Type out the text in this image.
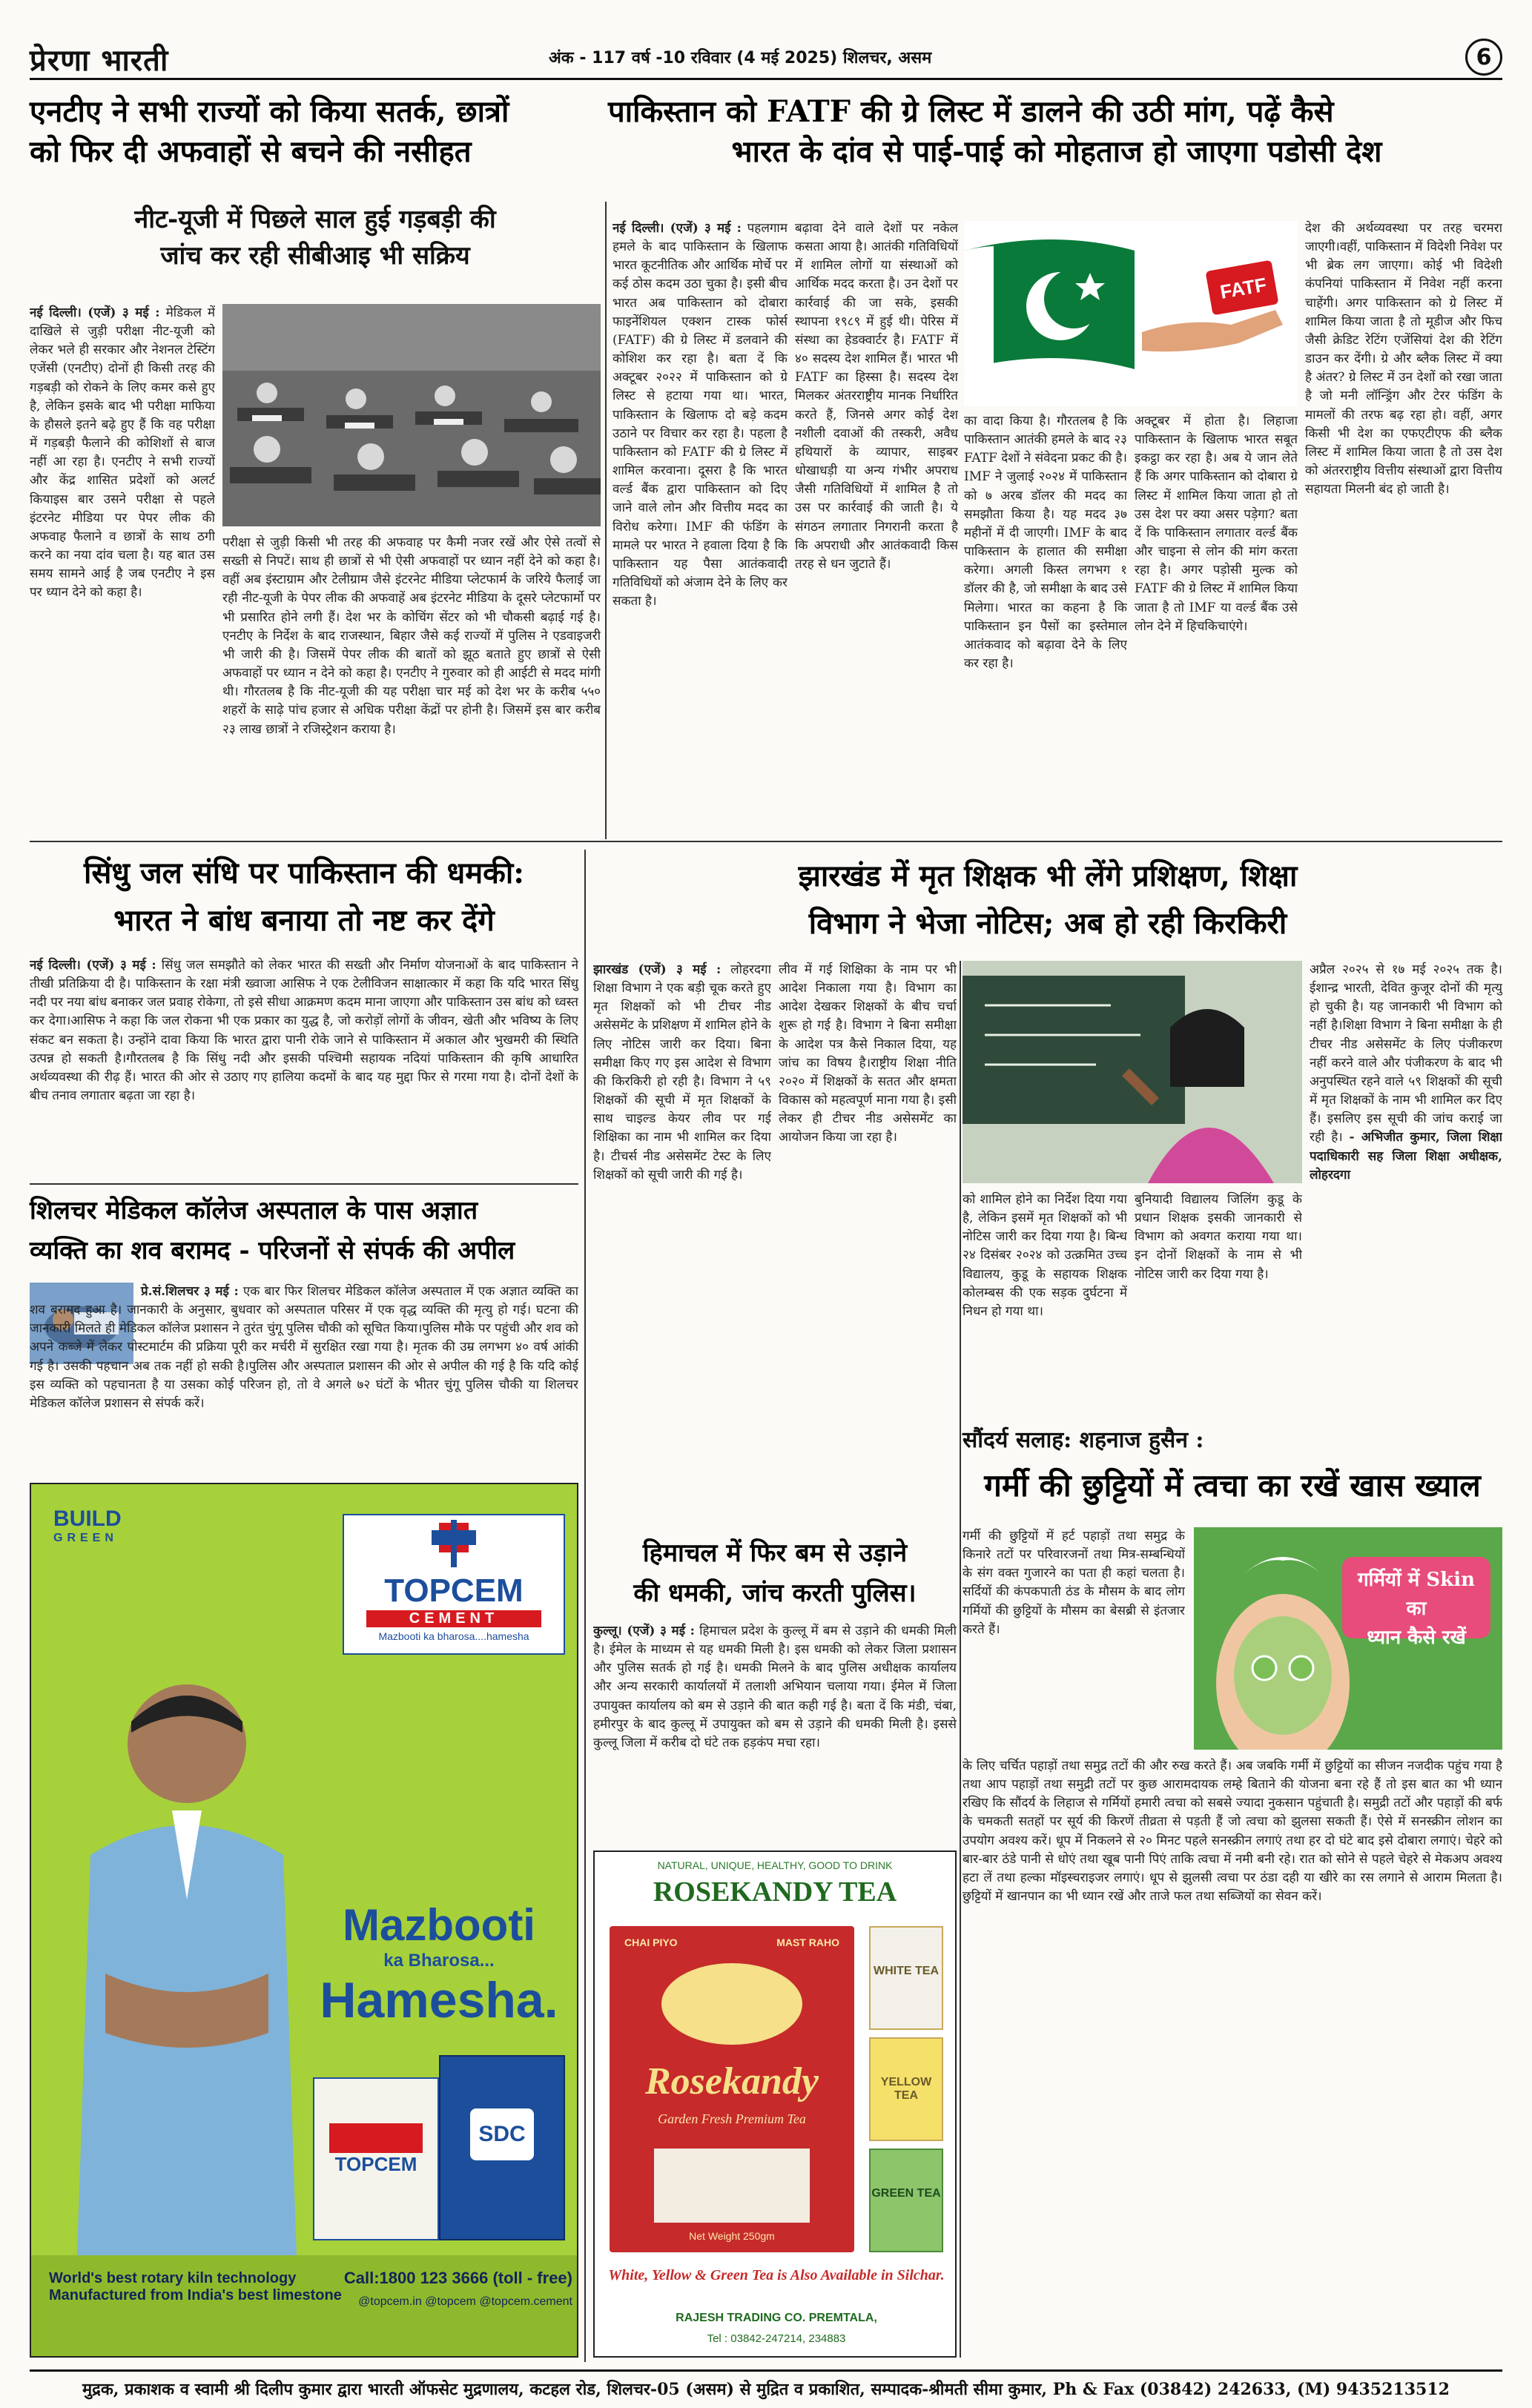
प्रेरणा भारती	अंक - 117 वर्ष -10 रविवार (4 मई 2025) शिलचर, असम	6
एनटीए ने सभी राज्यों को किया सतर्क, छात्रों
को फिर दी अफवाहों से बचने की नसीहत
पाकिस्तान को FATF की ग्रे लिस्ट में डालने की उठी मांग, पढ़ें कैसे
भारत के दांव से पाई-पाई को मोहताज हो जाएगा पडोसी देश
नीट-यूजी में पिछले साल हुई गड़बड़ी की
जांच कर रही सीबीआइ भी सक्रिय
नई दिल्ली। (एजें) ३ मई : मेडिकल में दाखिले से जुड़ी परीक्षा नीट-यूजी को लेकर भले ही सरकार और नेशनल टेस्टिंग एजेंसी (एनटीए) दोनों ही किसी तरह की गड़बड़ी को रोकने के लिए कमर कसे हुए है, लेकिन इसके बाद भी परीक्षा माफिया के हौसले इतने बढ़े हुए हैं कि वह परीक्षा में गड़बड़ी फैलाने की कोशिशों से बाज नहीं आ रहा है। एनटीए ने सभी राज्यों और केंद्र शासित प्रदेशों को अलर्ट कियाइस बार उसने परीक्षा से पहले इंटरनेट मीडिया पर पेपर लीक की अफवाह फैलाने व छात्रों के साथ ठगी करने का नया दांव चला है। यह बात उस समय सामने आई है जब एनटीए ने इस पर ध्यान देने को कहा है।
परीक्षा से जुड़ी किसी भी तरह की अफवाह पर कैमी नजर रखें और ऐसे तत्वों से सख्ती से निपटें। साथ ही छात्रों से भी ऐसी अफवाहों पर ध्यान नहीं देने को कहा है।वहीं अब इंस्टाग्राम और टेलीग्राम जैसे इंटरनेट मीडिया प्लेटफार्म के जरिये फैलाई जा रही नीट-यूजी के पेपर लीक की अफवाहें अब इंटरनेट मीडिया के दूसरे प्लेटफार्मो पर भी प्रसारित होने लगी हैं। देश भर के कोचिंग सेंटर को भी चौकसी बढ़ाई गई है। एनटीए के निर्देश के बाद राजस्थान, बिहार जैसे कई राज्यों में पुलिस ने एडवाइजरी भी जारी की है। जिसमें पेपर लीक की बातों को झूठ बताते हुए छात्रों से ऐसी अफवाहों पर ध्यान न देने को कहा है। एनटीए ने गुरुवार को ही आईटी से मदद मांगी थी। गौरतलब है कि नीट-यूजी की यह परीक्षा चार मई को देश भर के करीब ५५० शहरों के साढ़े पांच हजार से अधिक परीक्षा केंद्रों पर होनी है। जिसमें इस बार करीब २३ लाख छात्रों ने रजिस्ट्रेशन कराया है।
नई दिल्ली। (एजें) ३ मई : पहलगाम हमले के बाद पाकिस्तान के खिलाफ भारत कूटनीतिक और आर्थिक मोर्चे पर कई ठोस कदम उठा चुका है। इसी बीच भारत अब पाकिस्तान को दोबारा फाइनेंशियल एक्शन टास्क फोर्स (FATF) की ग्रे लिस्ट में डलवाने की कोशिश कर रहा है। बता दें कि अक्टूबर २०२२ में पाकिस्तान को ग्रे लिस्ट से हटाया गया था। भारत, पाकिस्तान के खिलाफ दो बड़े कदम उठाने पर विचार कर रहा है। पहला है पाकिस्तान को FATF की ग्रे लिस्ट में शामिल करवाना। दूसरा है कि भारत वर्ल्ड बैंक द्वारा पाकिस्तान को दिए जाने वाले लोन और वित्तीय मदद का विरोध करेगा। IMF की फंडिंग के मामले पर भारत ने हवाला दिया है कि पाकिस्तान यह पैसा आतंकवादी गतिविधियों को अंजाम देने के लिए कर सकता है।
बढ़ावा देने वाले देशों पर नकेल कसता आया है। आतंकी गतिविधियों में शामिल लोगों या संस्थाओं को आर्थिक मदद करता है। उन देशों पर कार्रवाई की जा सके, इसकी स्थापना १९८९ में हुई थी। पेरिस में संस्था का हेडक्वार्टर है। FATF में ४० सदस्य देश शामिल हैं। भारत भी FATF का हिस्सा है। सदस्य देश मिलकर अंतरराष्ट्रीय मानक निर्धारित करते हैं, जिनसे अगर कोई देश नशीली दवाओं की तस्करी, अवैध हथियारों के व्यापार, साइबर धोखाधड़ी या अन्य गंभीर अपराध जैसी गतिविधियों में शामिल है तो उस पर कार्रवाई की जाती है। ये संगठन लगातार निगरानी करता है कि अपराधी और आतंकवादी किस तरह से धन जुटाते हैं।
FATF
का वादा किया है। गौरतलब है कि पाकिस्तान आतंकी हमले के बाद २३ FATF देशों ने संवेदना प्रकट की है। IMF ने जुलाई २०२४ में पाकिस्तान को ७ अरब डॉलर की मदद का समझौता किया है। यह मदद ३७ महीनों में दी जाएगी। IMF के बाद पाकिस्तान के हालात की समीक्षा करेगा। अगली किस्त लगभग १ डॉलर की है, जो समीक्षा के बाद उसे मिलेगा। भारत का कहना है कि पाकिस्तान इन पैसों का इस्तेमाल आतंकवाद को बढ़ावा देने के लिए कर रहा है।
अक्टूबर में होता है। लिहाजा पाकिस्तान के खिलाफ भारत सबूत इकट्ठा कर रहा है। अब ये जान लेते हैं कि अगर पाकिस्तान को दोबारा ग्रे लिस्ट में शामिल किया जाता हो तो उस देश पर क्या असर पड़ेगा? बता दें कि पाकिस्तान लगातार वर्ल्ड बैंक और चाइना से लोन की मांग करता रहा है। अगर पड़ोसी मुल्क को FATF की ग्रे लिस्ट में शामिल किया जाता है तो IMF या वर्ल्ड बैंक उसे लोन देने में हिचकिचाएंगे।
देश की अर्थव्यवस्था पर तरह चरमरा जाएगी।वहीं, पाकिस्तान में विदेशी निवेश पर भी ब्रेक लग जाएगा। कोई भी विदेशी कंपनियां पाकिस्तान में निवेश नहीं करना चाहेंगी। अगर पाकिस्तान को ग्रे लिस्ट में शामिल किया जाता है तो मूडीज और फिच जैसी क्रेडिट रेटिंग एजेंसियां देश की रेटिंग डाउन कर देंगी। ग्रे और ब्लैक लिस्ट में क्या है अंतर? ग्रे लिस्ट में उन देशों को रखा जाता है जो मनी लॉन्ड्रिंग और टेरर फंडिंग के मामलों की तरफ बढ़ रहा हो। वहीं, अगर किसी भी देश का एफएटीएफ की ब्लैक लिस्ट में शामिल किया जाता है तो उस देश को अंतरराष्ट्रीय वित्तीय संस्थाओं द्वारा वित्तीय सहायता मिलनी बंद हो जाती है।
सिंधु जल संधि पर पाकिस्तान की धमकी:
भारत ने बांध बनाया तो नष्ट कर देंगे
नई दिल्ली। (एजें) ३ मई : सिंधु जल समझौते को लेकर भारत की सख्ती और निर्माण योजनाओं के बाद पाकिस्तान ने तीखी प्रतिक्रिया दी है। पाकिस्तान के रक्षा मंत्री ख्वाजा आसिफ ने एक टेलीविजन साक्षात्कार में कहा कि यदि भारत सिंधु नदी पर नया बांध बनाकर जल प्रवाह रोकेगा, तो इसे सीधा आक्रमण कदम माना जाएगा और पाकिस्तान उस बांध को ध्वस्त कर देगा।आसिफ ने कहा कि जल रोकना भी एक प्रकार का युद्ध है, जो करोड़ों लोगों के जीवन, खेती और भविष्य के लिए संकट बन सकता है। उन्होंने दावा किया कि भारत द्वारा पानी रोके जाने से पाकिस्तान में अकाल और भुखमरी की स्थिति उत्पन्न हो सकती है।गौरतलब है कि सिंधु नदी और इसकी पश्चिमी सहायक नदियां पाकिस्तान की कृषि आधारित अर्थव्यवस्था की रीढ़ हैं। भारत की ओर से उठाए गए हालिया कदमों के बाद यह मुद्दा फिर से गरमा गया है। दोनों देशों के बीच तनाव लगातार बढ़ता जा रहा है।
शिलचर मेडिकल कॉलेज अस्पताल के पास अज्ञात
व्यक्ति का शव बरामद - परिजनों से संपर्क की अपील
प्रे.सं.शिलचर ३ मई : एक बार फिर शिलचर मेडिकल कॉलेज अस्पताल में एक अज्ञात व्यक्ति का शव बरामद हुआ है। जानकारी के अनुसार, बुधवार को अस्पताल परिसर में एक वृद्ध व्यक्ति की मृत्यु हो गई। घटना की जानकारी मिलते ही मेडिकल कॉलेज प्रशासन ने तुरंत चुंगू पुलिस चौकी को सूचित किया।पुलिस मौके पर पहुंची और शव को अपने कब्जे में लेकर पोस्टमार्टम की प्रक्रिया पूरी कर मर्चरी में सुरक्षित रखा गया है। मृतक की उम्र लगभग ४० वर्ष आंकी गई है। उसकी पहचान अब तक नहीं हो सकी है।पुलिस और अस्पताल प्रशासन की ओर से अपील की गई है कि यदि कोई इस व्यक्ति को पहचानता है या उसका कोई परिजन हो, तो वे अगले ७२ घंटों के भीतर चुंगू पुलिस चौकी या शिलचर मेडिकल कॉलेज प्रशासन से संपर्क करें।
BUILD
GREEN
TOPCEM
CEMENT
Mazbooti ka bharosa....hamesha
Mazbooti
ka Bharosa...
Hamesha.
TOPCEM
SDC
World's best rotary kiln technology
Manufactured from India's best limestone
Call:1800 123 3666 (toll - free)
@topcem.in @topcem @topcem.cement
झारखंड में मृत शिक्षक भी लेंगे प्रशिक्षण, शिक्षा
विभाग ने भेजा नोटिस; अब हो रही किरकिरी
झारखंड (एजें) ३ मई : लोहरदगा शिक्षा विभाग ने एक बड़ी चूक करते हुए मृत शिक्षकों को भी टीचर नीड असेसमेंट के प्रशिक्षण में शामिल होने के लिए नोटिस जारी कर दिया। बिना समीक्षा किए गए इस आदेश से विभाग की किरकिरी हो रही है। विभाग ने ५९ शिक्षकों की सूची में मृत शिक्षकों के साथ चाइल्ड केयर लीव पर गई शिक्षिका का नाम भी शामिल कर दिया है। टीचर्स नीड असेसमेंट टेस्ट के लिए शिक्षकों को सूची जारी की गई है।
लीव में गई शिक्षिका के नाम पर भी आदेश निकाला गया है। विभाग का आदेश देखकर शिक्षकों के बीच चर्चा शुरू हो गई है। विभाग ने बिना समीक्षा के आदेश पत्र कैसे निकाल दिया, यह जांच का विषय है।राष्ट्रीय शिक्षा नीति २०२० में शिक्षकों के सतत और क्षमता विकास को महत्वपूर्ण माना गया है। इसी लेकर ही टीचर नीड असेसमेंट का आयोजन किया जा रहा है।
को शामिल होने का निर्देश दिया गया है, लेकिन इसमें मृत शिक्षकों को भी नोटिस जारी कर दिया गया है। बिन्ध २४ दिसंबर २०२४ को उत्क्रमित उच्च विद्यालय, कुडू के सहायक शिक्षक कोलम्बस की एक सड़क दुर्घटना में निधन हो गया था।
बुनियादी विद्यालय जिलिंग कुडू के प्रधान शिक्षक इसकी जानकारी से विभाग को अवगत कराया गया था। इन दोनों शिक्षकों के नाम से भी नोटिस जारी कर दिया गया है।
अप्रैल २०२५ से १७ मई २०२५ तक है। ईशान्द्र भारती, देवित कुजूर दोनों की मृत्यु हो चुकी है। यह जानकारी भी विभाग को नहीं है।शिक्षा विभाग ने बिना समीक्षा के ही टीचर नीड असेसमेंट के लिए पंजीकरण नहीं करने वाले और पंजीकरण के बाद भी अनुपस्थित रहने वाले ५९ शिक्षकों की सूची में मृत शिक्षकों के नाम भी शामिल कर दिए हैं। इसलिए इस सूची की जांच कराई जा रही है। - अभिजीत कुमार, जिला शिक्षा पदाधिकारी सह जिला शिक्षा अधीक्षक, लोहरदगा
सौंदर्य सलाह: शहनाज हुसैन :
गर्मी की छुट्टियों में त्वचा का रखें खास ख्याल
गर्मी की छुट्टियों में हर्ट पहाड़ों तथा समुद्र के किनारे तटों पर परिवारजनों तथा मित्र-सम्बन्धियों के संग वक्त गुजारने का पता ही कहां चलता है। सर्दियों की कंपकपाती ठंड के मौसम के बाद लोग गर्मियों की छुट्टियों के मौसम का बेसब्री से इंतजार करते हैं।
गर्मियों में Skin का
ध्यान कैसे रखें
के लिए चर्चित पहाड़ों तथा समुद्र तटों की और रुख करते हैं। अब जबकि गर्मी में छुट्टियों का सीजन नजदीक पहुंच गया है तथा आप पहाड़ों तथा समुद्री तटों पर कुछ आरामदायक लम्हे बिताने की योजना बना रहे हैं तो इस बात का भी ध्यान रखिए कि सौंदर्य के लिहाज से गर्मियों हमारी त्वचा को सबसे ज्यादा नुकसान पहुंचाती है। समुद्री तटों और पहाड़ों की बर्फ के चमकती सतहों पर सूर्य की किरणें तीव्रता से पड़ती हैं जो त्वचा को झुलसा सकती हैं। ऐसे में सनस्क्रीन लोशन का उपयोग अवश्य करें। धूप में निकलने से २० मिनट पहले सनस्क्रीन लगाएं तथा हर दो घंटे बाद इसे दोबारा लगाएं। चेहरे को बार-बार ठंडे पानी से धोएं तथा खूब पानी पिएं ताकि त्वचा में नमी बनी रहे। रात को सोने से पहले चेहरे से मेकअप अवश्य हटा लें तथा हल्का मॉइस्चराइजर लगाएं। धूप से झुलसी त्वचा पर ठंडा दही या खीरे का रस लगाने से आराम मिलता है। छुट्टियों में खानपान का भी ध्यान रखें और ताजे फल तथा सब्जियों का सेवन करें।
हिमाचल में फिर बम से उड़ाने
की धमकी, जांच करती पुलिस।
कुल्लू। (एजें) ३ मई : हिमाचल प्रदेश के कुल्लू में बम से उड़ाने की धमकी मिली है। ईमेल के माध्यम से यह धमकी मिली है। इस धमकी को लेकर जिला प्रशासन और पुलिस सतर्क हो गई है। धमकी मिलने के बाद पुलिस अधीक्षक कार्यालय और अन्य सरकारी कार्यालयों में तलाशी अभियान चलाया गया। ईमेल में जिला उपायुक्त कार्यालय को बम से उड़ाने की बात कही गई है। बता दें कि मंडी, चंबा, हमीरपुर के बाद कुल्लू में उपायुक्त को बम से उड़ाने की धमकी मिली है। इससे कुल्लू जिला में करीब दो घंटे तक हड़कंप मचा रहा।
NATURAL, UNIQUE, HEALTHY, GOOD TO DRINK
ROSEKANDY TEA
CHAI PIYO	MAST RAHO
Rosekandy
Garden Fresh Premium Tea
Net Weight 250gm
WHITE TEA
YELLOW TEA
GREEN TEA
White, Yellow & Green Tea is Also Available in Silchar.
RAJESH TRADING CO. PREMTALA,
Tel : 03842-247214, 234883
मुद्रक, प्रकाशक व स्वामी श्री दिलीप कुमार द्वारा भारती ऑफसेट मुद्रणालय, कटहल रोड, शिलचर-05 (असम) से मुद्रित व प्रकाशित, सम्पादक-श्रीमती सीमा कुमार, Ph & Fax (03842) 242633, (M) 9435213512
